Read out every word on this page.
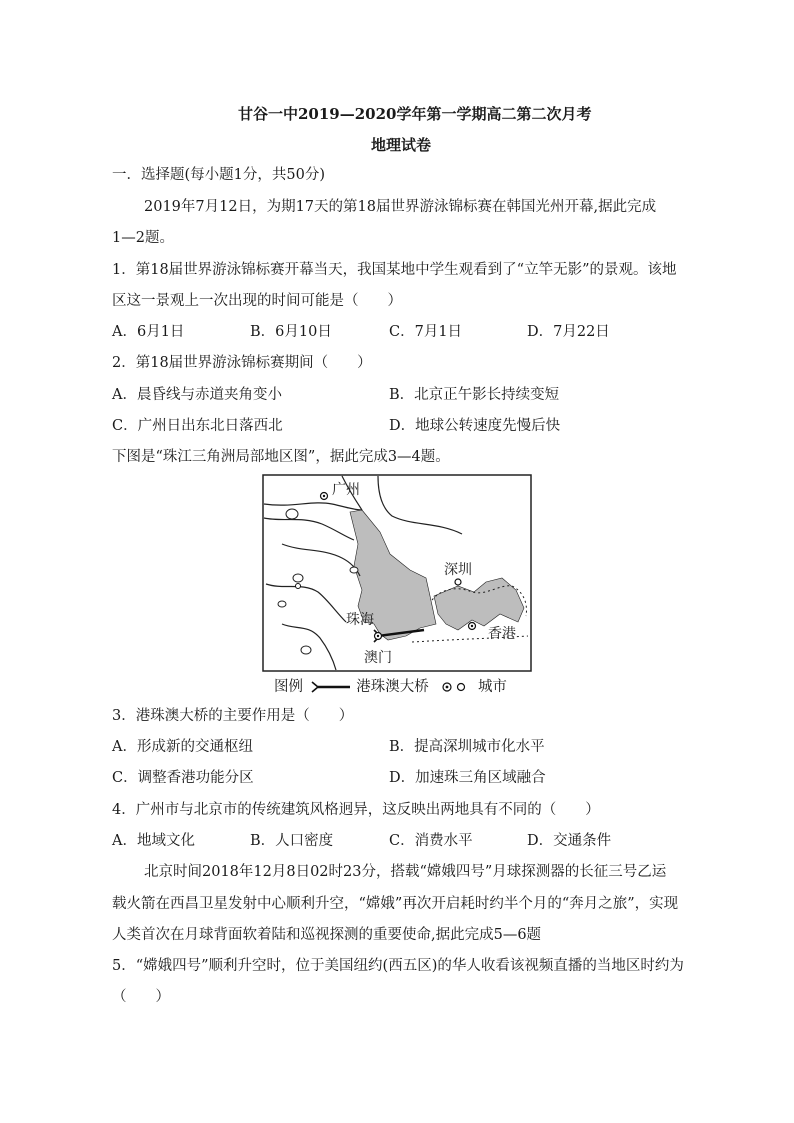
甘谷一中2019—2020学年第一学期高二第二次月考
地理试卷
一．选择题(每小题1分，共50分)
2019年7月12日，为期17天的第18届世界游泳锦标赛在韩国光州开幕,据此完成
1—2题。
1．第18届世界游泳锦标赛开幕当天，我国某地中学生观看到了“立竿无影”的景观。该地
区这一景观上一次出现的时间可能是（　　）
A．6月1日	B．6月10日	C．7月1日	D．7月22日
2．第18届世界游泳锦标赛期间（　　）
A．晨昏线与赤道夹角变小	B．北京正午影长持续变短
C．广州日出东北日落西北	D．地球公转速度先慢后快
下图是“珠江三角洲局部地区图”，据此完成3—4题。
广州
深圳
珠海
澳门
香港
图例	港珠澳大桥	城市
3．港珠澳大桥的主要作用是（　　）
A．形成新的交通枢纽	B．提高深圳城市化水平
C．调整香港功能分区	D．加速珠三角区域融合
4．广州市与北京市的传统建筑风格迥异，这反映出两地具有不同的（　　）
A．地域文化	B．人口密度	C．消费水平	D．交通条件
北京时间2018年12月8日02时23分，搭载“嫦娥四号”月球探测器的长征三号乙运
载火箭在西昌卫星发射中心顺利升空，“嫦娥”再次开启耗时约半个月的“奔月之旅”，实现
人类首次在月球背面软着陆和巡视探测的重要使命,据此完成5—6题
5．“嫦娥四号”顺利升空时，位于美国纽约(西五区)的华人收看该视频直播的当地区时约为
（　　）
